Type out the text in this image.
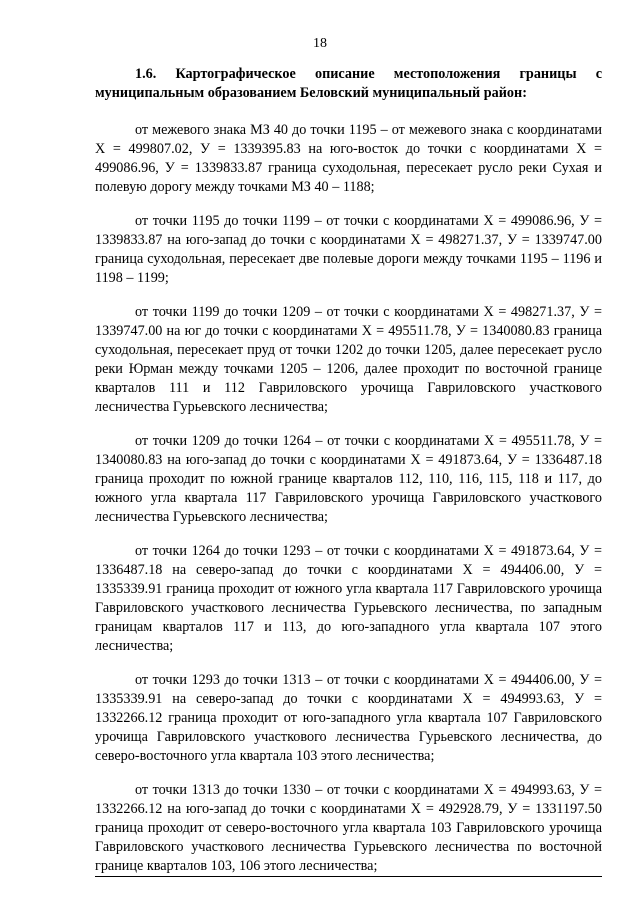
18

1.6. Картографическое описание местоположения границы с муниципальным образованием Беловский муниципальный район:

от межевого знака МЗ 40 до точки 1195 – от межевого знака с координатами Х = 499807.02, У = 1339395.83 на юго-восток до точки с координатами Х = 499086.96, У = 1339833.87 граница суходольная, пересекает русло реки Сухая и полевую дорогу между точками МЗ 40 – 1188;

от точки 1195 до точки 1199 – от точки с координатами Х = 499086.96, У = 1339833.87 на юго-запад до точки с координатами Х = 498271.37, У = 1339747.00 граница суходольная, пересекает две полевые дороги между точками 1195 – 1196 и 1198 – 1199;

от точки 1199 до точки 1209 – от точки с координатами Х = 498271.37, У = 1339747.00 на юг до точки с координатами Х = 495511.78, У = 1340080.83 граница суходольная, пересекает пруд от точки 1202 до точки 1205, далее пересекает русло реки Юрман между точками 1205 – 1206, далее проходит по восточной границе кварталов 111 и 112 Гавриловского урочища Гавриловского участкового лесничества Гурьевского лесничества;

от точки 1209 до точки 1264 – от точки с координатами Х = 495511.78, У = 1340080.83 на юго-запад до точки с координатами Х = 491873.64, У = 1336487.18 граница проходит по южной границе кварталов 112, 110, 116, 115, 118 и 117, до южного угла квартала 117 Гавриловского урочища Гавриловского участкового лесничества Гурьевского лесничества;

от точки 1264 до точки 1293 – от точки с координатами Х = 491873.64, У = 1336487.18 на северо-запад до точки с координатами Х = 494406.00, У = 1335339.91 граница проходит от южного угла квартала 117 Гавриловского урочища Гавриловского участкового лесничества Гурьевского лесничества, по западным границам кварталов 117 и 113, до юго-западного угла квартала 107 этого лесничества;

от точки 1293 до точки 1313 – от точки с координатами Х = 494406.00, У = 1335339.91 на северо-запад до точки с координатами Х = 494993.63, У = 1332266.12 граница проходит от юго-западного угла квартала 107 Гавриловского урочища Гавриловского участкового лесничества Гурьевского лесничества, до северо-восточного угла квартала 103 этого лесничества;

от точки 1313 до точки 1330 – от точки с координатами Х = 494993.63, У = 1332266.12 на юго-запад до точки с координатами Х = 492928.79, У = 1331197.50 граница проходит от северо-восточного угла квартала 103 Гавриловского урочища Гавриловского участкового лесничества Гурьевского лесничества по восточной границе кварталов 103, 106 этого лесничества;
